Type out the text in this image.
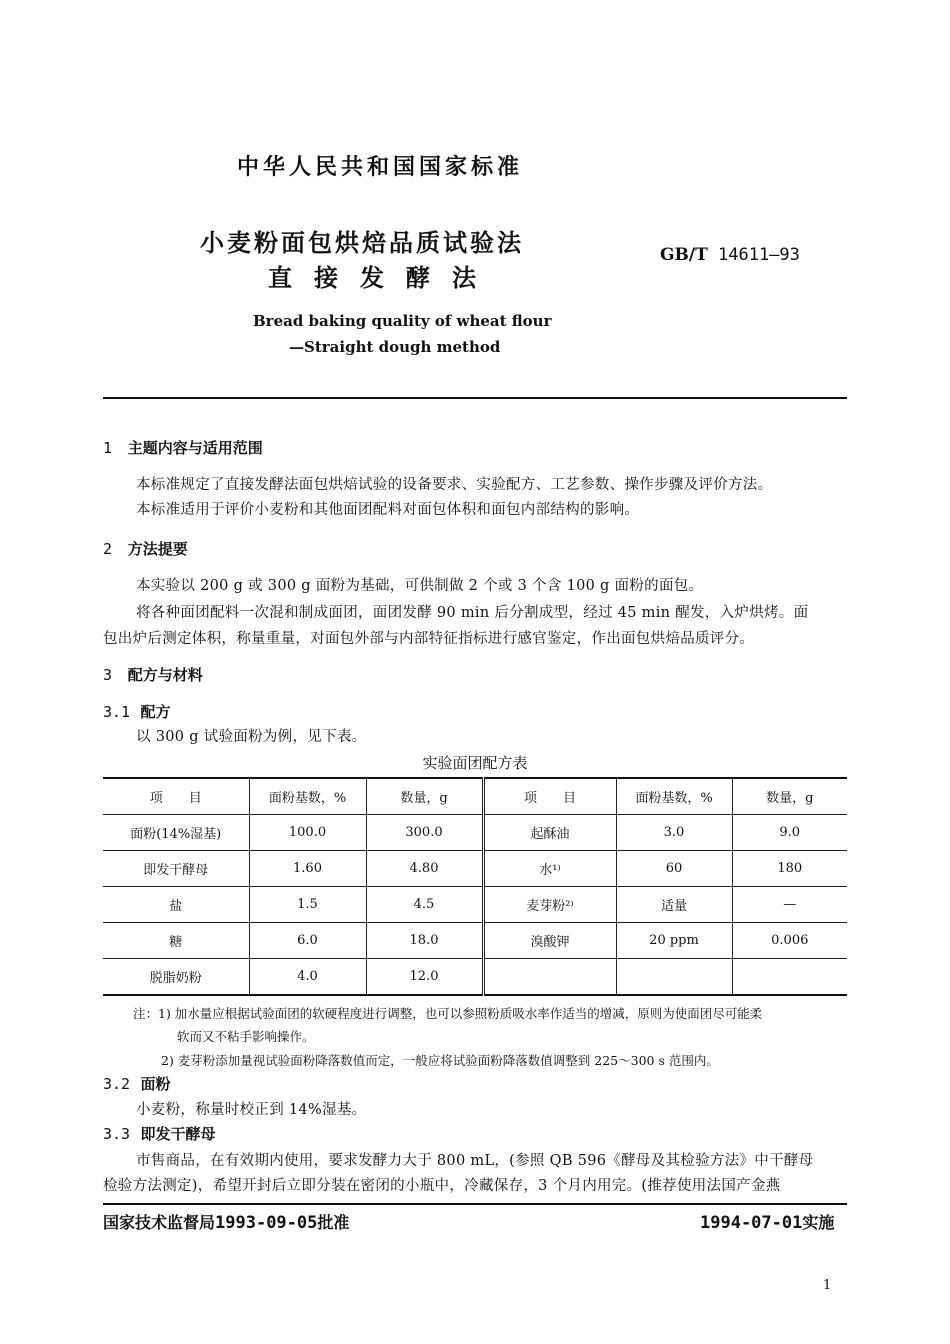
中华人民共和国国家标准
小麦粉面包烘焙品质试验法
直接发酵法
GB/T 14611—93
Bread baking quality of wheat flour
—Straight dough method
1 主题内容与适用范围
本标准规定了直接发酵法面包烘焙试验的设备要求、实验配方、工艺参数、操作步骤及评价方法。
本标准适用于评价小麦粉和其他面团配料对面包体积和面包内部结构的影响。
2 方法提要
本实验以 200 g 或 300 g 面粉为基础，可供制做 2 个或 3 个含 100 g 面粉的面包。
将各种面团配料一次混和制成面团，面团发酵 90 min 后分割成型，经过 45 min 醒发，入炉烘烤。面
包出炉后测定体积，称量重量，对面包外部与内部特征指标进行感官鉴定，作出面包烘焙品质评分。
3 配方与材料
3.1 配方
以 300 g 试验面粉为例，见下表。
实验面团配方表
项　　目	面粉基数，%	数量，g	项　　目	面粉基数，%	数量，g
面粉(14%湿基)	100.0	300.0	起酥油	3.0	9.0
即发干酵母	1.60	4.80	水¹⁾	60	180
盐	1.5	4.5	麦芽粉²⁾	适量	—
糖	6.0	18.0	溴酸钾	20 ppm	0.006
脱脂奶粉	4.0	12.0			
注：1) 加水量应根据试验面团的软硬程度进行调整，也可以参照粉质吸水率作适当的增减，原则为使面团尽可能柔
软而又不粘手影响操作。
2) 麦芽粉添加量视试验面粉降落数值而定，一般应将试验面粉降落数值调整到 225～300 s 范围内。
3.2 面粉
小麦粉，称量时校正到 14%湿基。
3.3 即发干酵母
市售商品，在有效期内使用，要求发酵力大于 800 mL，(参照 QB 596《酵母及其检验方法》中干酵母
检验方法测定)，希望开封后立即分装在密闭的小瓶中，冷藏保存，3 个月内用完。(推荐使用法国产金燕
国家技术监督局1993-09-05批准	1994-07-01实施
1
